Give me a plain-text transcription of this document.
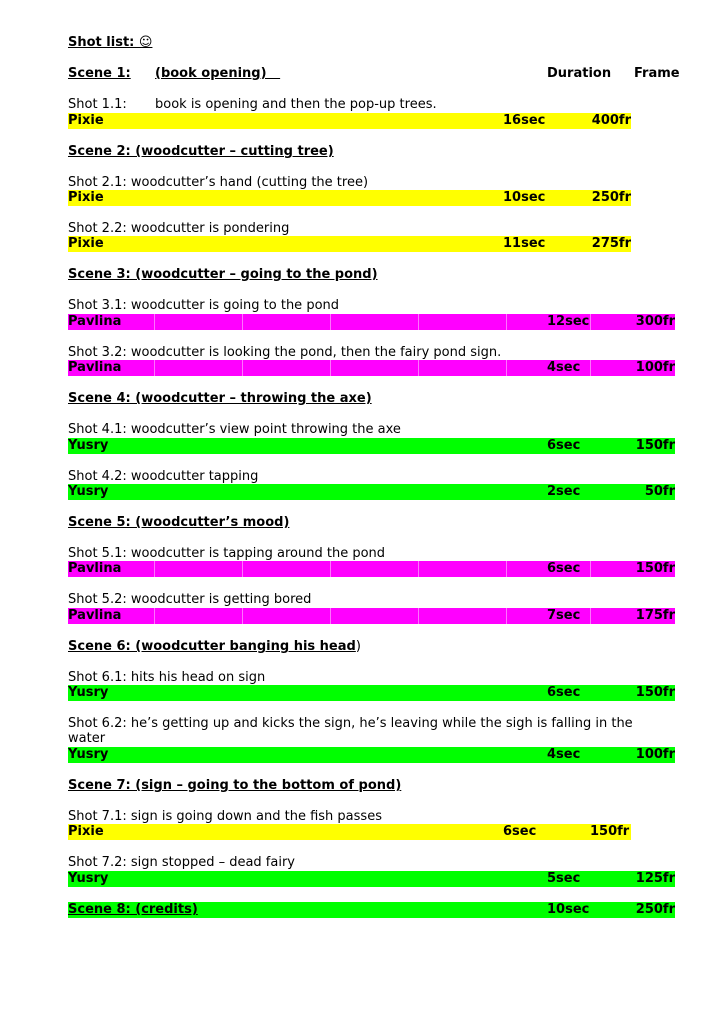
Shot list: ☺
Scene 1: (book opening)	Duration Frame
Shot 1.1: book is opening and then the pop-up trees.
Pixie	16sec	400fr
Scene 2: (woodcutter – cutting tree)
Shot 2.1: woodcutter’s hand (cutting the tree)
Pixie	10sec	250fr
Shot 2.2: woodcutter is pondering
Pixie	11sec	275fr
Scene 3: (woodcutter – going to the pond)
Shot 3.1: woodcutter is going to the pond
Pavlina	12sec	300fr
Shot 3.2: woodcutter is looking the pond, then the fairy pond sign.
Pavlina	4sec	100fr
Scene 4: (woodcutter – throwing the axe)
Shot 4.1: woodcutter’s view point throwing the axe
Yusry	6sec	150fr
Shot 4.2: woodcutter tapping
Yusry	2sec	50fr
Scene 5: (woodcutter’s mood)
Shot 5.1: woodcutter is tapping around the pond
Pavlina	6sec	150fr
Shot 5.2: woodcutter is getting bored
Pavlina	7sec	175fr
Scene 6: (woodcutter banging his head)
Shot 6.1: hits his head on sign
Yusry	6sec	150fr
Shot 6.2: he’s getting up and kicks the sign, he’s leaving while the sigh is falling in the
water
Yusry	4sec	100fr
Scene 7: (sign – going to the bottom of pond)
Shot 7.1: sign is going down and the fish passes
Pixie	6sec	150fr
Shot 7.2: sign stopped – dead fairy
Yusry	5sec	125fr
Scene 8: (credits)	10sec	250fr
